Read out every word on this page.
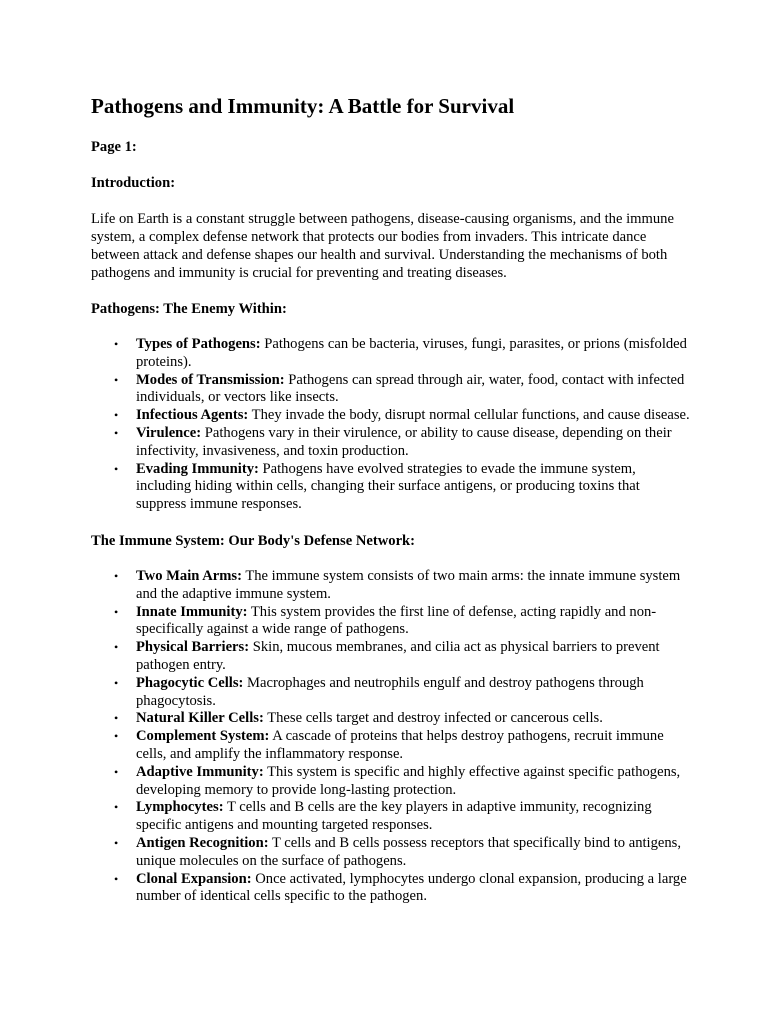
Pathogens and Immunity: A Battle for Survival

Page 1:

Introduction:

Life on Earth is a constant struggle between pathogens, disease-causing organisms, and the immune system, a complex defense network that protects our bodies from invaders. This intricate dance between attack and defense shapes our health and survival. Understanding the mechanisms of both pathogens and immunity is crucial for preventing and treating diseases.

Pathogens: The Enemy Within:

• Types of Pathogens: Pathogens can be bacteria, viruses, fungi, parasites, or prions (misfolded proteins).
• Modes of Transmission: Pathogens can spread through air, water, food, contact with infected individuals, or vectors like insects.
• Infectious Agents: They invade the body, disrupt normal cellular functions, and cause disease.
• Virulence: Pathogens vary in their virulence, or ability to cause disease, depending on their infectivity, invasiveness, and toxin production.
• Evading Immunity: Pathogens have evolved strategies to evade the immune system, including hiding within cells, changing their surface antigens, or producing toxins that suppress immune responses.

The Immune System: Our Body's Defense Network:

• Two Main Arms: The immune system consists of two main arms: the innate immune system and the adaptive immune system.
• Innate Immunity: This system provides the first line of defense, acting rapidly and non-specifically against a wide range of pathogens.
• Physical Barriers: Skin, mucous membranes, and cilia act as physical barriers to prevent pathogen entry.
• Phagocytic Cells: Macrophages and neutrophils engulf and destroy pathogens through phagocytosis.
• Natural Killer Cells: These cells target and destroy infected or cancerous cells.
• Complement System: A cascade of proteins that helps destroy pathogens, recruit immune cells, and amplify the inflammatory response.
• Adaptive Immunity: This system is specific and highly effective against specific pathogens, developing memory to provide long-lasting protection.
• Lymphocytes: T cells and B cells are the key players in adaptive immunity, recognizing specific antigens and mounting targeted responses.
• Antigen Recognition: T cells and B cells possess receptors that specifically bind to antigens, unique molecules on the surface of pathogens.
• Clonal Expansion: Once activated, lymphocytes undergo clonal expansion, producing a large number of identical cells specific to the pathogen.
